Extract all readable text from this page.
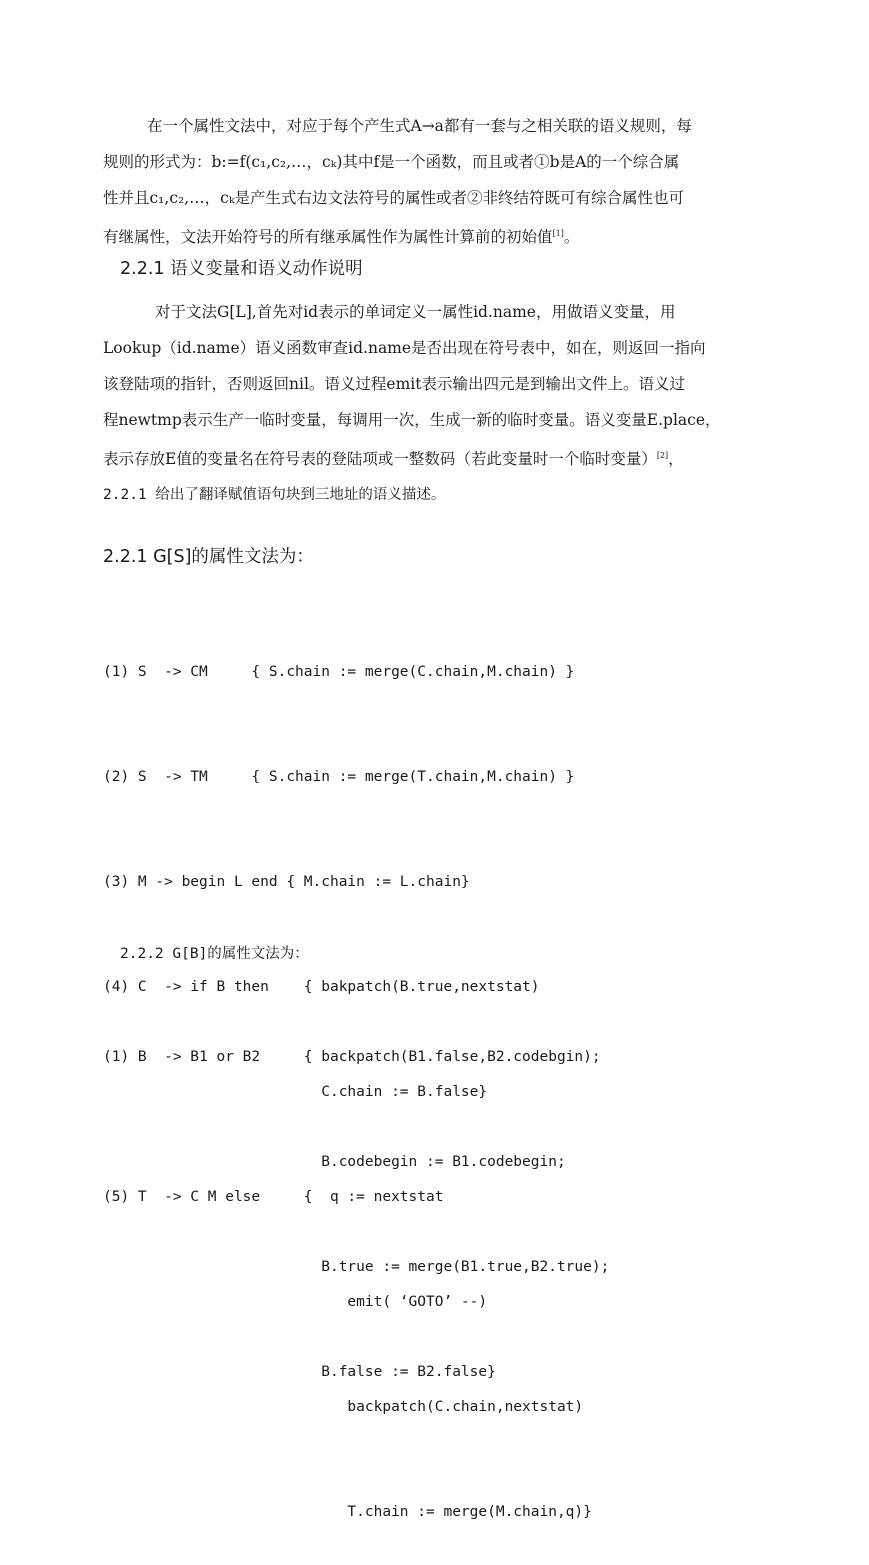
在一个属性文法中，对应于每个产生式A→a都有一套与之相关联的语义规则，每
规则的形式为：b:=f(c₁,c₂,…，cₖ)其中f是一个函数，而且或者①b是A的一个综合属
性并且c₁,c₂,…，cₖ是产生式右边文法符号的属性或者②非终结符既可有综合属性也可
有继属性，文法开始符号的所有继承属性作为属性计算前的初始值[1]。
2.2.1 语义变量和语义动作说明
对于文法G[L],首先对id表示的单词定义一属性id.name，用做语义变量，用
Lookup（id.name）语义函数审查id.name是否出现在符号表中，如在，则返回一指向
该登陆项的指针，否则返回nil。语义过程emit表示输出四元是到输出文件上。语义过
程newtmp表示生产一临时变量，每调用一次，生成一新的临时变量。语义变量E.place，
表示存放E值的变量名在符号表的登陆项或一整数码（若此变量时一个临时变量）[2]，
2.2.1 给出了翻译赋值语句块到三地址的语义描述。
2.2.1 G[S]的属性文法为：

(1) S  -> CM     { S.chain := merge(C.chain,M.chain) }

(2) S  -> TM     { S.chain := merge(T.chain,M.chain) }

(3) M -> begin L end { M.chain := L.chain}

(4) C  -> if B then    { bakpatch(B.true,nextstat)

C.chain := B.false}

(5) T  -> C M else     {  q := nextstat

emit( ‘GOTO’ --)

backpatch(C.chain,nextstat)

T.chain := merge(M.chain,q)}

2.2.2 G[B]的属性文法为：

(1) B  -> B1 or B2     { backpatch(B1.false,B2.codebgin);

B.codebegin := B1.codebegin;

B.true := merge(B1.true,B2.true);

B.false := B2.false}
